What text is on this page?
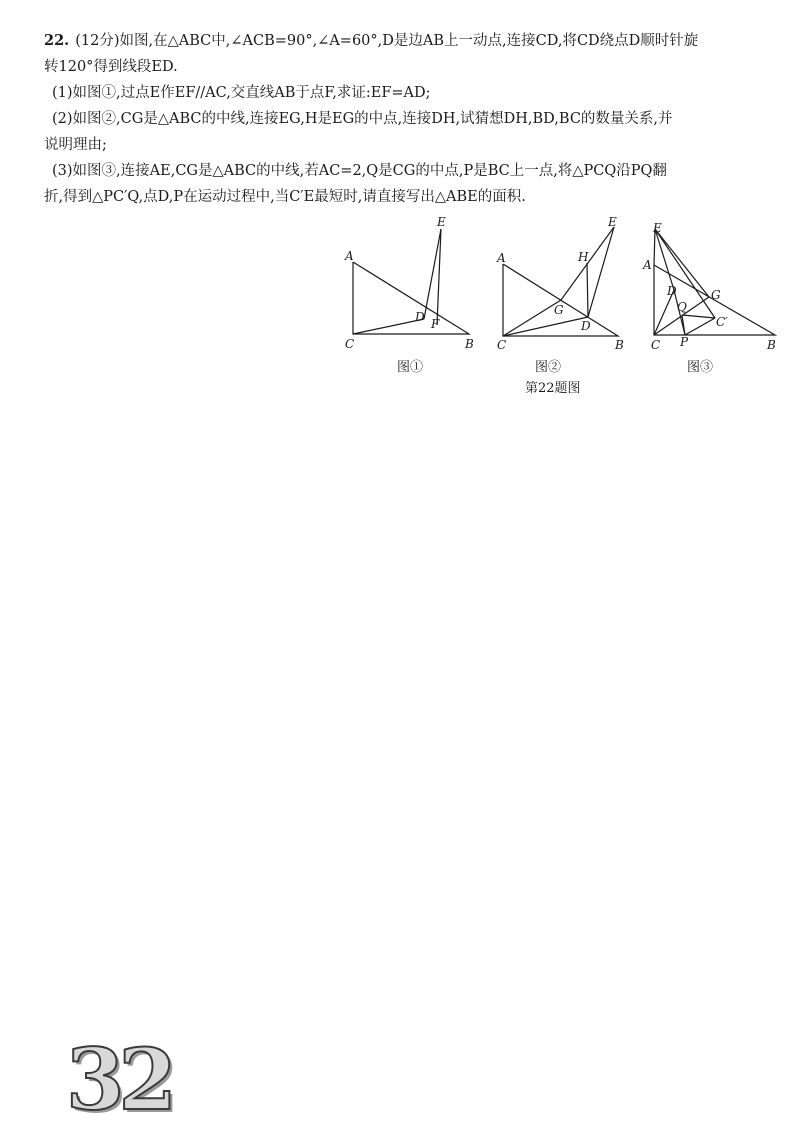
22. (12分)如图,在△ABC中,∠ACB=90°,∠A=60°,D是边AB上一动点,连接CD,将CD绕点D顺时针旋

转120°得到线段ED.

(1)如图①,过点E作EF//AC,交直线AB于点F,求证:EF=AD;

(2)如图②,CG是△ABC的中线,连接EG,H是EG的中点,连接DH,试猜想DH,BD,BC的数量关系,并

说明理由;

(3)如图③,连接AE,CG是△ABC的中线,若AC=2,Q是CG的中点,P是BC上一点,将△PCQ沿PQ翻

折,得到△PC′Q,点D,P在运动过程中,当C′E最短时,请直接写出△ABE的面积.

A
C	B
D
E
F
图①
A
C	B
D
E
G
H
图②
A
C	B
D
E
G
Q
P
C′
图③
第22题图
32
